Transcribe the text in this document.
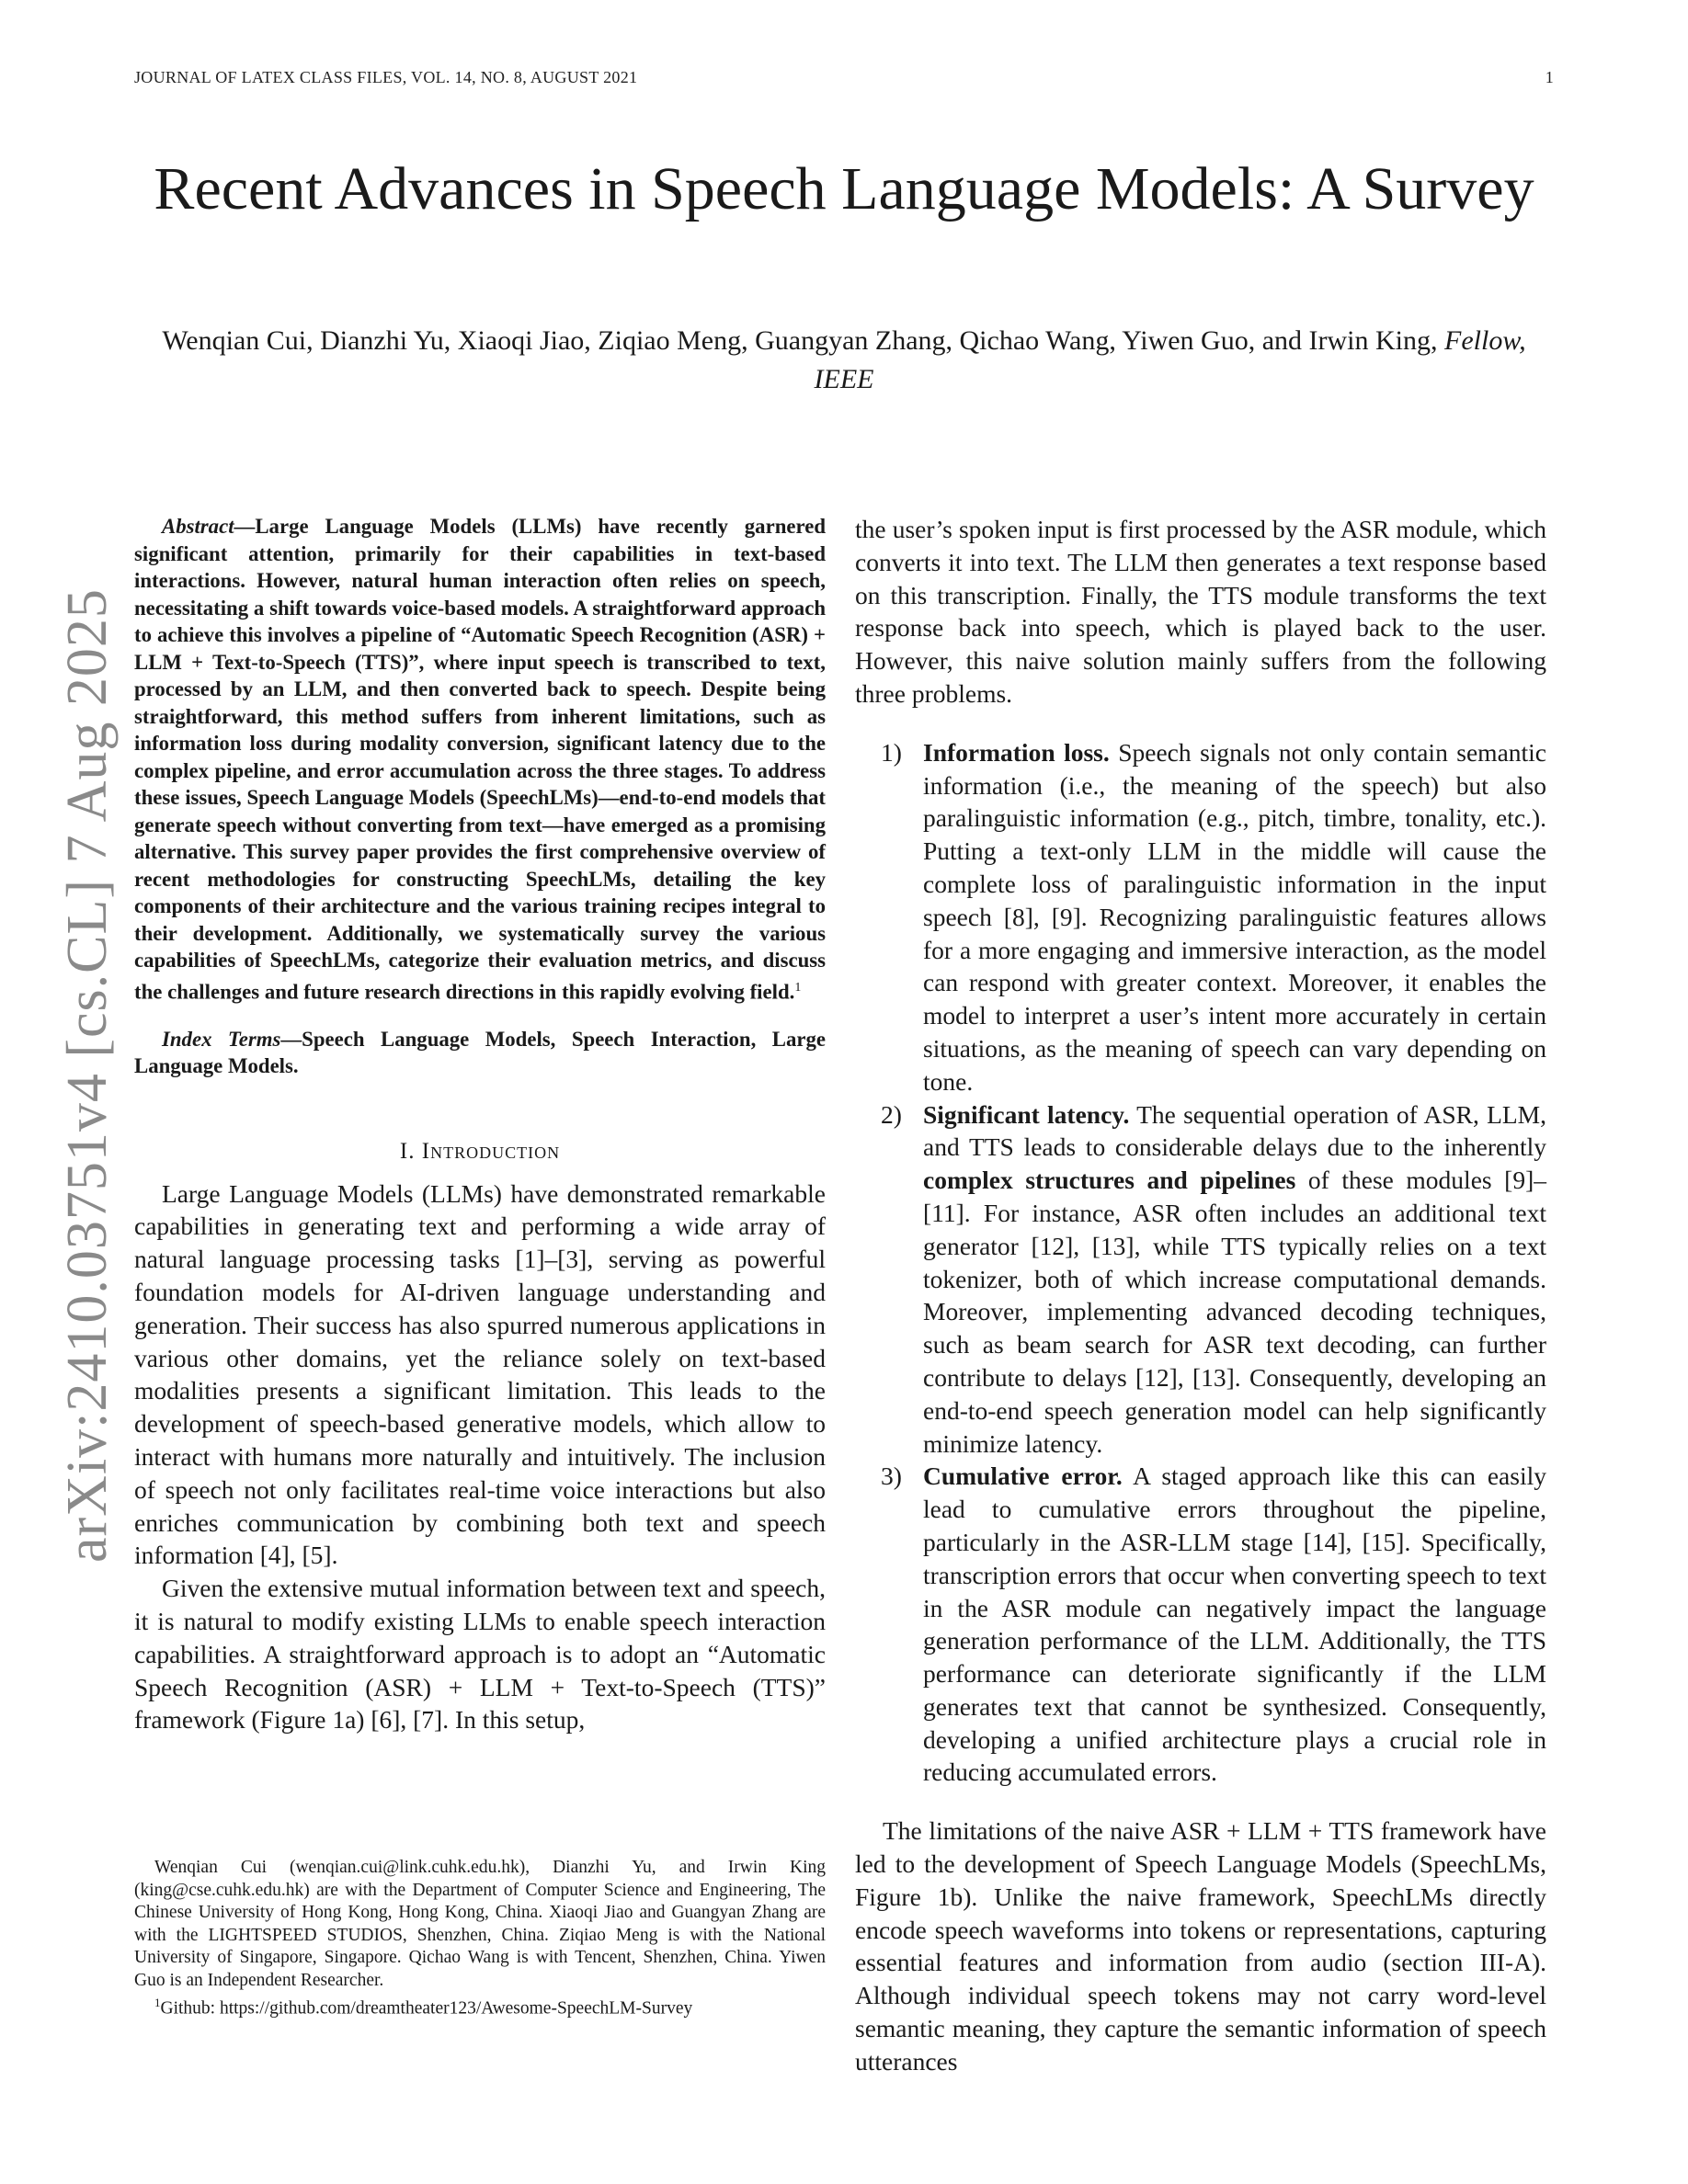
JOURNAL OF LATEX CLASS FILES, VOL. 14, NO. 8, AUGUST 2021	1
Recent Advances in Speech Language Models: A Survey
Wenqian Cui, Dianzhi Yu, Xiaoqi Jiao, Ziqiao Meng, Guangyan Zhang, Qichao Wang, Yiwen Guo, and Irwin King, Fellow, IEEE
arXiv:2410.03751v4 [cs.CL] 7 Aug 2025

Abstract—Large Language Models (LLMs) have recently garnered significant attention, primarily for their capabilities in text-based interactions. However, natural human interaction often relies on speech, necessitating a shift towards voice-based models. A straightforward approach to achieve this involves a pipeline of “Automatic Speech Recognition (ASR) + LLM + Text-to-Speech (TTS)”, where input speech is transcribed to text, processed by an LLM, and then converted back to speech. Despite being straightforward, this method suffers from inherent limitations, such as information loss during modality conversion, significant latency due to the complex pipeline, and error accumulation across the three stages. To address these issues, Speech Language Models (SpeechLMs)—end-to-end models that generate speech without converting from text—have emerged as a promising alternative. This survey paper provides the first comprehensive overview of recent methodologies for constructing SpeechLMs, detailing the key components of their architecture and the various training recipes integral to their development. Additionally, we systematically survey the various capabilities of SpeechLMs, categorize their evaluation metrics, and discuss the challenges and future research directions in this rapidly evolving field.$^1$

Index Terms—Speech Language Models, Speech Interaction, Large Language Models.

I. Introduction

Large Language Models (LLMs) have demonstrated remarkable capabilities in generating text and performing a wide array of natural language processing tasks [1]–[3], serving as powerful foundation models for AI-driven language understanding and generation. Their success has also spurred numerous applications in various other domains, yet the reliance solely on text-based modalities presents a significant limitation. This leads to the development of speech-based generative models, which allow to interact with humans more naturally and intuitively. The inclusion of speech not only facilitates real-time voice interactions but also enriches communication by combining both text and speech information [4], [5].

Given the extensive mutual information between text and speech, it is natural to modify existing LLMs to enable speech interaction capabilities. A straightforward approach is to adopt an “Automatic Speech Recognition (ASR) + LLM + Text-to-Speech (TTS)” framework (Figure 1a) [6], [7]. In this setup,

Wenqian Cui (wenqian.cui@link.cuhk.edu.hk), Dianzhi Yu, and Irwin King (king@cse.cuhk.edu.hk) are with the Department of Computer Science and Engineering, The Chinese University of Hong Kong, Hong Kong, China. Xiaoqi Jiao and Guangyan Zhang are with the LIGHTSPEED STUDIOS, Shenzhen, China. Ziqiao Meng is with the National University of Singapore, Singapore. Qichao Wang is with Tencent, Shenzhen, China. Yiwen Guo is an Independent Researcher.

$^1$Github: https://github.com/dreamtheater123/Awesome-SpeechLM-Survey

the user’s spoken input is first processed by the ASR module, which converts it into text. The LLM then generates a text response based on this transcription. Finally, the TTS module transforms the text response back into speech, which is played back to the user. However, this naive solution mainly suffers from the following three problems.

1) Information loss. Speech signals not only contain semantic information (i.e., the meaning of the speech) but also paralinguistic information (e.g., pitch, timbre, tonality, etc.). Putting a text-only LLM in the middle will cause the complete loss of paralinguistic information in the input speech [8], [9]. Recognizing paralinguistic features allows for a more engaging and immersive interaction, as the model can respond with greater context. Moreover, it enables the model to interpret a user’s intent more accurately in certain situations, as the meaning of speech can vary depending on tone.
2) Significant latency. The sequential operation of ASR, LLM, and TTS leads to considerable delays due to the inherently complex structures and pipelines of these modules [9]–[11]. For instance, ASR often includes an additional text generator [12], [13], while TTS typically relies on a text tokenizer, both of which increase computational demands. Moreover, implementing advanced decoding techniques, such as beam search for ASR text decoding, can further contribute to delays [12], [13]. Consequently, developing an end-to-end speech generation model can help significantly minimize latency.
3) Cumulative error. A staged approach like this can easily lead to cumulative errors throughout the pipeline, particularly in the ASR-LLM stage [14], [15]. Specifically, transcription errors that occur when converting speech to text in the ASR module can negatively impact the language generation performance of the LLM. Additionally, the TTS performance can deteriorate significantly if the LLM generates text that cannot be synthesized. Consequently, developing a unified architecture plays a crucial role in reducing accumulated errors.

The limitations of the naive ASR + LLM + TTS framework have led to the development of Speech Language Models (SpeechLMs, Figure 1b). Unlike the naive framework, SpeechLMs directly encode speech waveforms into tokens or representations, capturing essential features and information from audio (section III-A). Although individual speech tokens may not carry word-level semantic meaning, they capture the semantic information of speech utterances
